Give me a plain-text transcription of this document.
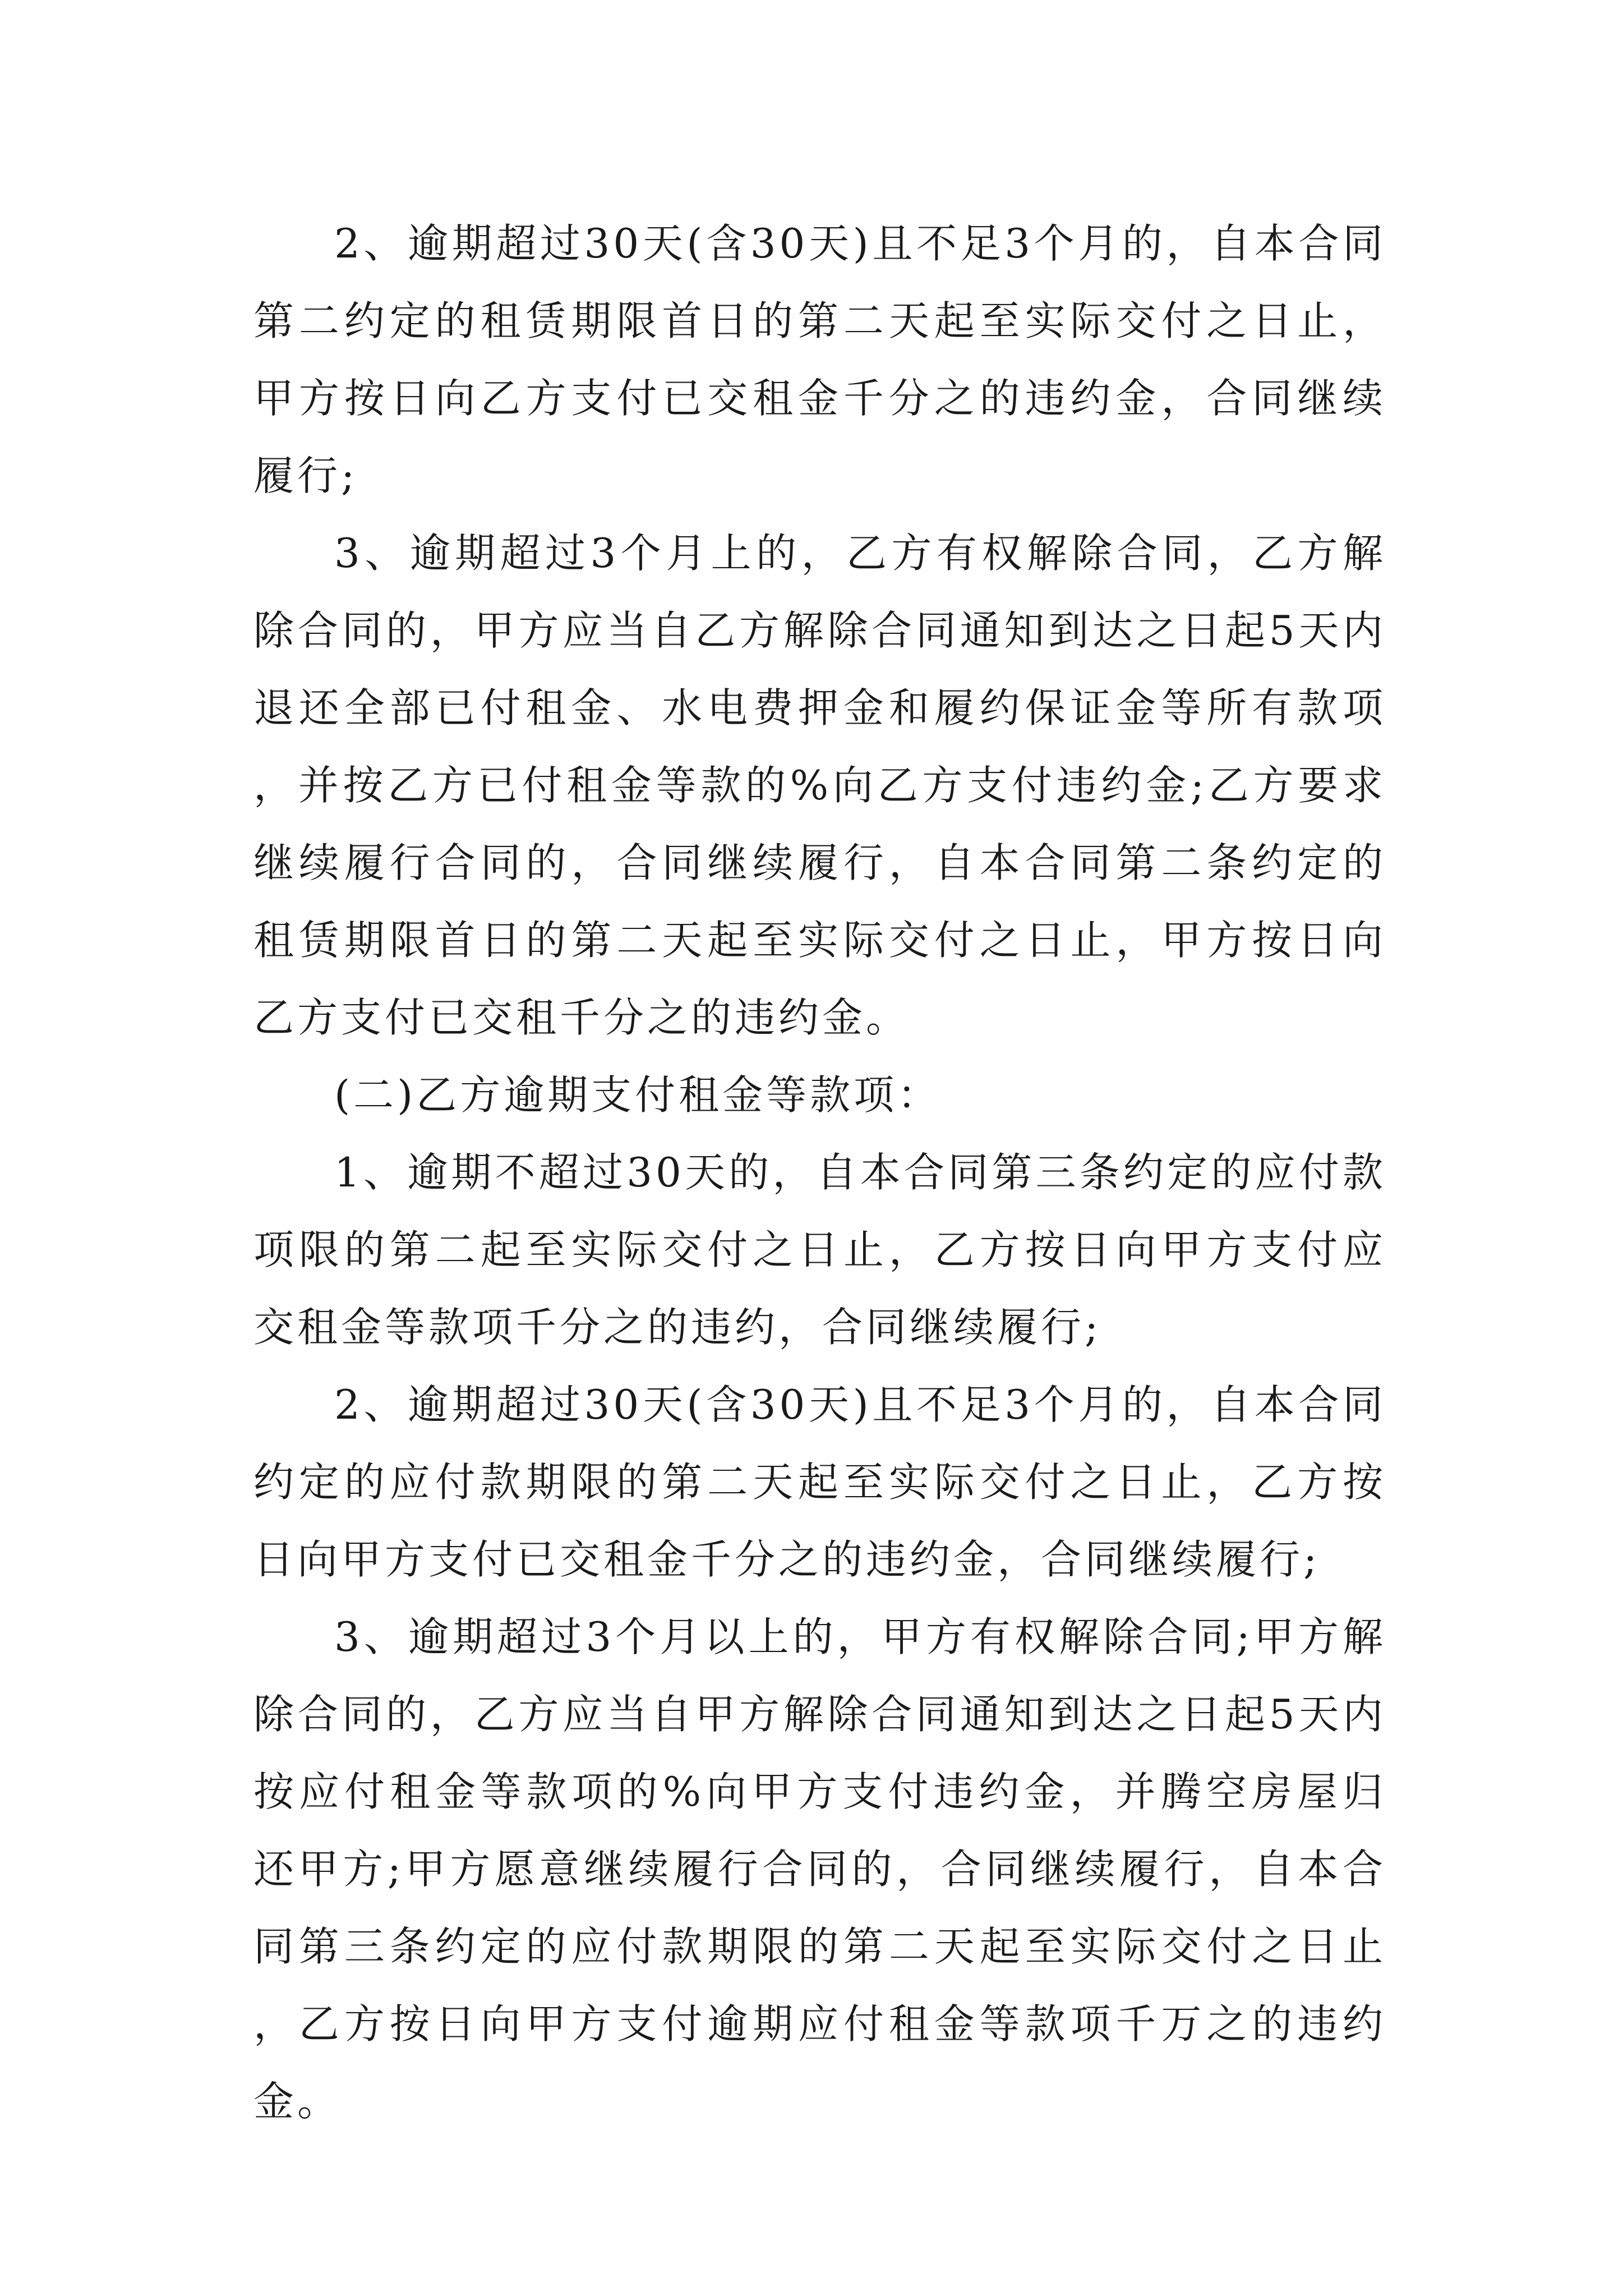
2、逾期超过30天(含30天)且不足3个月的，自本合同第二约定的租赁期限首日的第二天起至实际交付之日止，甲方按日向乙方支付已交租金千分之的违约金，合同继续履行;

3、逾期超过3个月上的，乙方有权解除合同，乙方解除合同的，甲方应当自乙方解除合同通知到达之日起5天内退还全部已付租金、水电费押金和履约保证金等所有款项，并按乙方已付租金等款的%向乙方支付违约金;乙方要求继续履行合同的，合同继续履行，自本合同第二条约定的租赁期限首日的第二天起至实际交付之日止，甲方按日向乙方支付已交租千分之的违约金。

(二)乙方逾期支付租金等款项：

1、逾期不超过30天的，自本合同第三条约定的应付款项限的第二起至实际交付之日止，乙方按日向甲方支付应交租金等款项千分之的违约，合同继续履行;

2、逾期超过30天(含30天)且不足3个月的，自本合同约定的应付款期限的第二天起至实际交付之日止，乙方按日向甲方支付已交租金千分之的违约金，合同继续履行;

3、逾期超过3个月以上的，甲方有权解除合同;甲方解除合同的，乙方应当自甲方解除合同通知到达之日起5天内按应付租金等款项的%向甲方支付违约金，并腾空房屋归还甲方;甲方愿意继续履行合同的，合同继续履行，自本合同第三条约定的应付款期限的第二天起至实际交付之日止，乙方按日向甲方支付逾期应付租金等款项千万之的违约金。
